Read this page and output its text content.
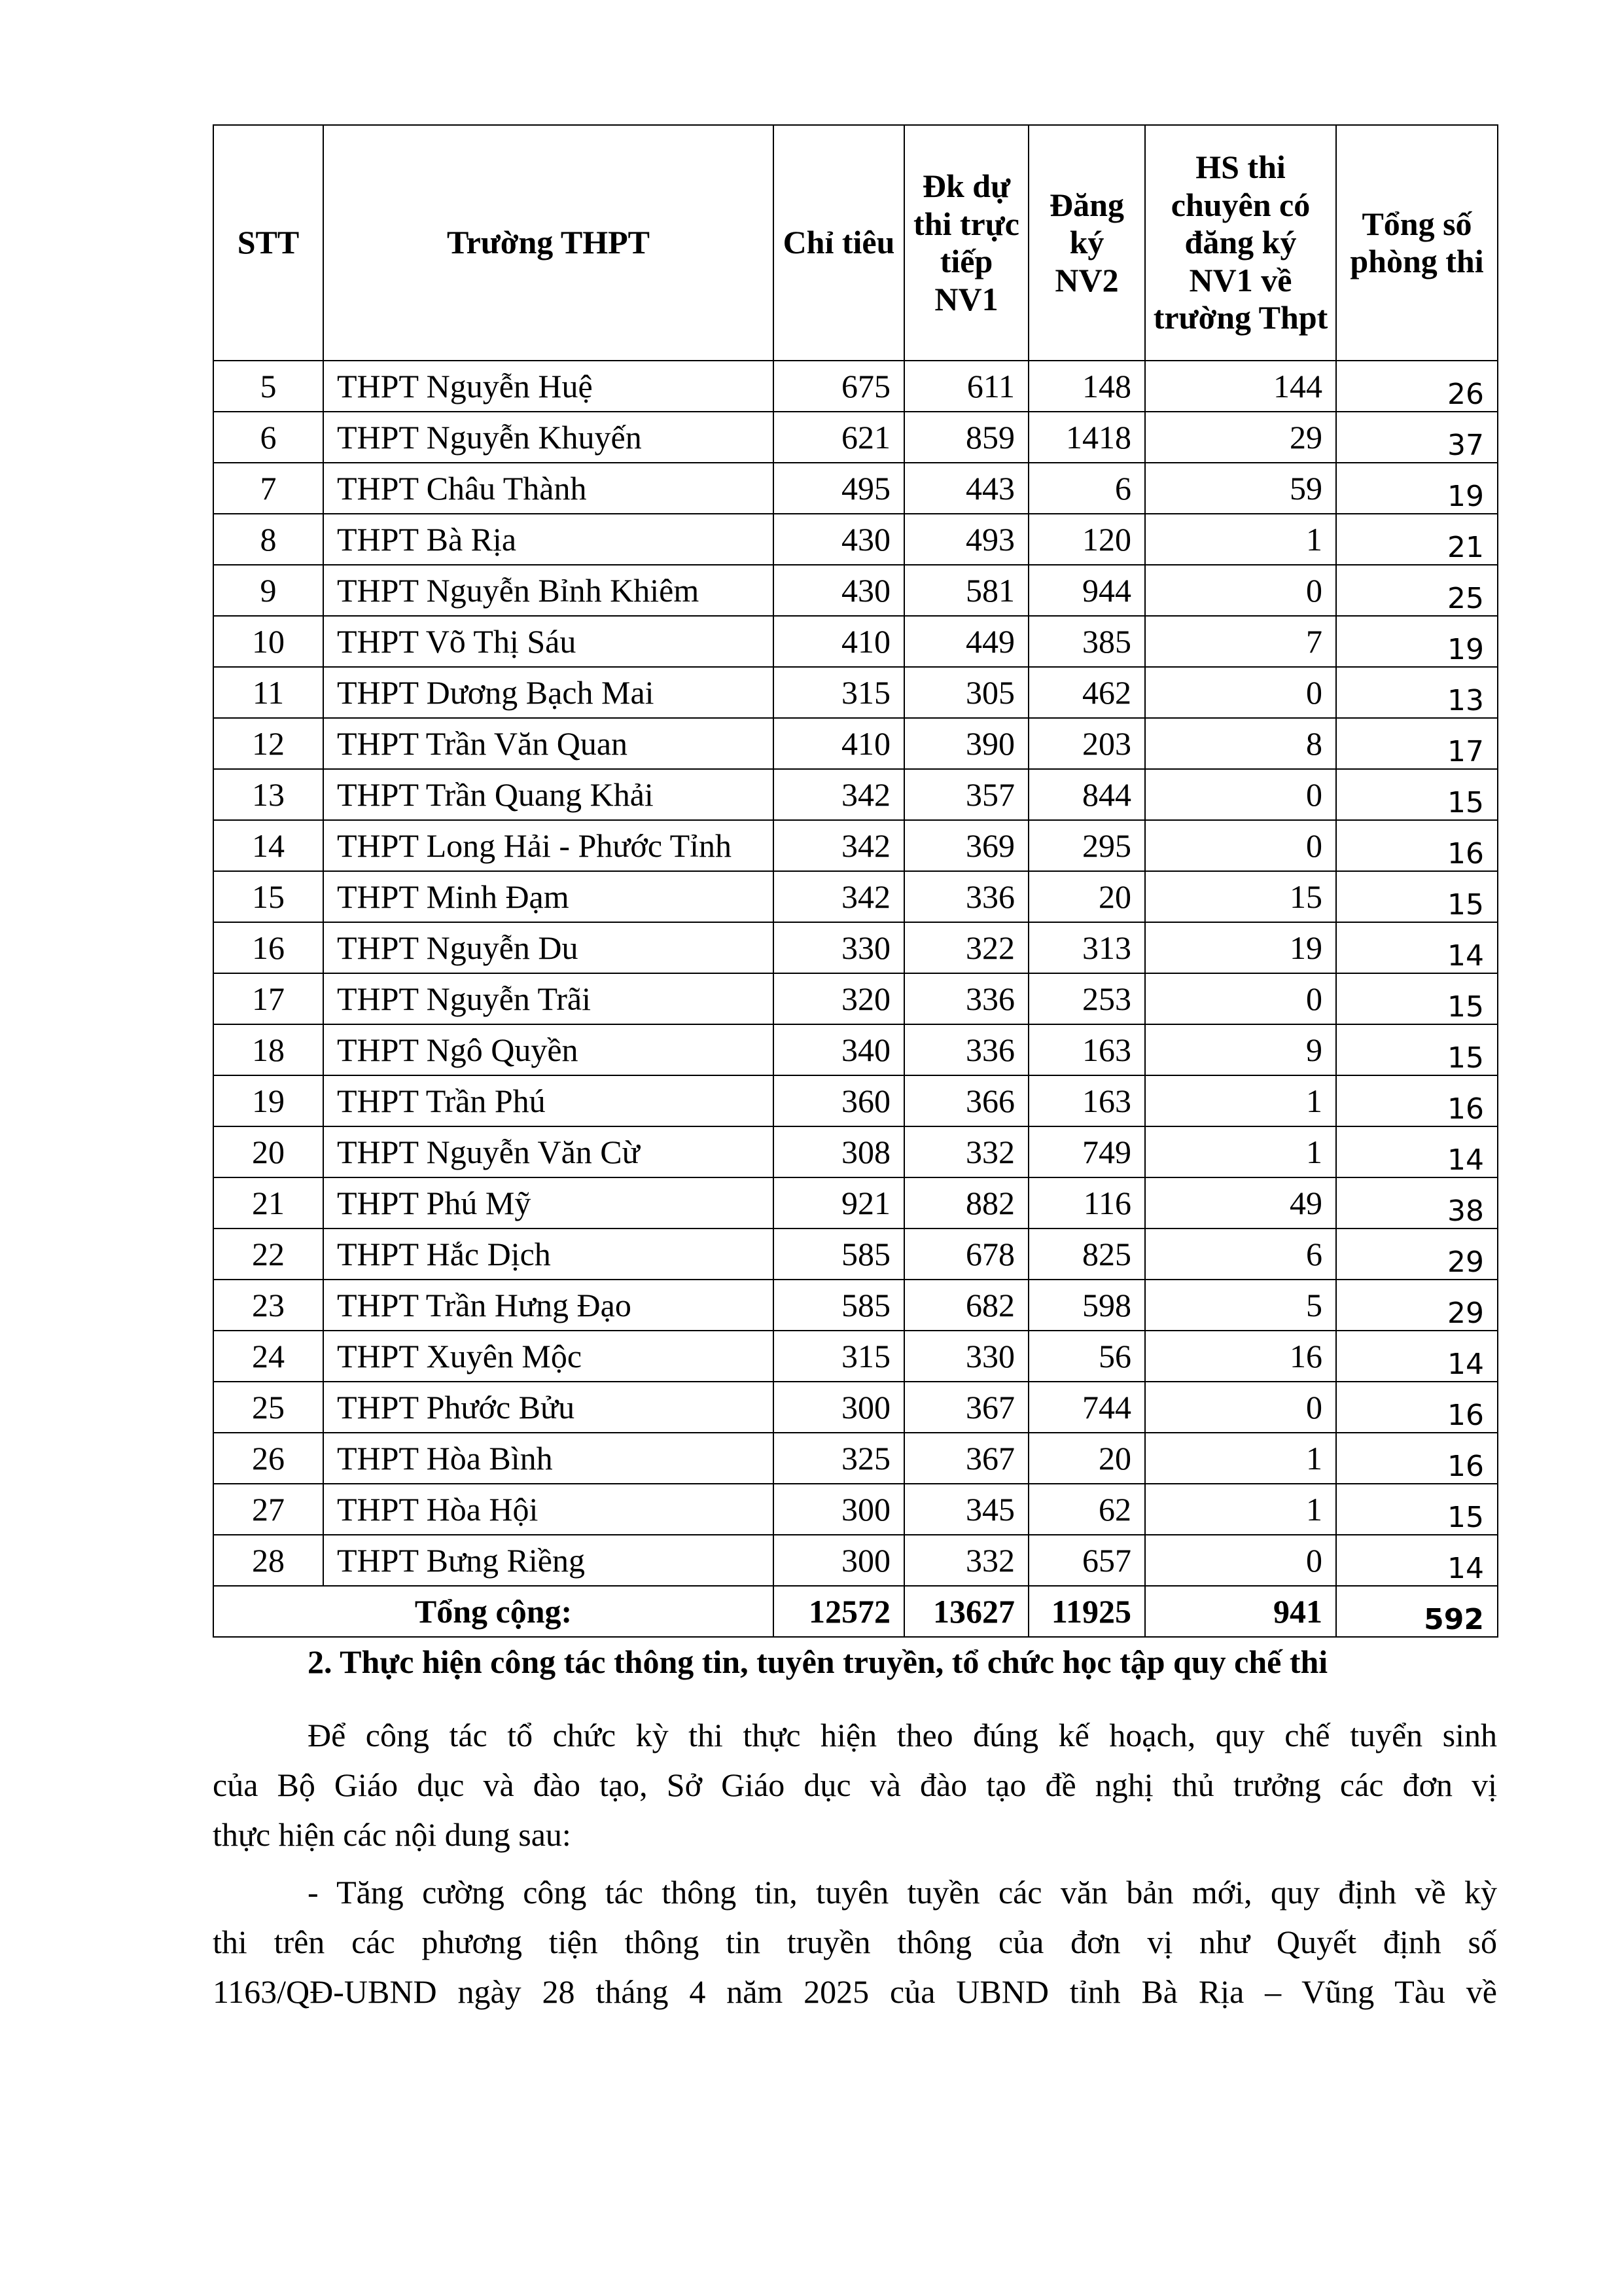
STT	Trường THPT	Chỉ tiêu	Đk dự thi trực tiếp NV1	Đăng ký NV2	HS thi chuyên có đăng ký NV1 về trường Thpt	Tổng số phòng thi
5	THPT Nguyễn Huệ	675	611	148	144	26
6	THPT Nguyễn Khuyến	621	859	1418	29	37
7	THPT Châu Thành	495	443	6	59	19
8	THPT Bà Rịa	430	493	120	1	21
9	THPT Nguyễn Bỉnh Khiêm	430	581	944	0	25
10	THPT Võ Thị Sáu	410	449	385	7	19
11	THPT Dương Bạch Mai	315	305	462	0	13
12	THPT Trần Văn Quan	410	390	203	8	17
13	THPT Trần Quang Khải	342	357	844	0	15
14	THPT Long Hải - Phước Tỉnh	342	369	295	0	16
15	THPT Minh Đạm	342	336	20	15	15
16	THPT Nguyễn Du	330	322	313	19	14
17	THPT Nguyễn Trãi	320	336	253	0	15
18	THPT Ngô Quyền	340	336	163	9	15
19	THPT Trần Phú	360	366	163	1	16
20	THPT Nguyễn Văn Cừ	308	332	749	1	14
21	THPT Phú Mỹ	921	882	116	49	38
22	THPT Hắc Dịch	585	678	825	6	29
23	THPT Trần Hưng Đạo	585	682	598	5	29
24	THPT Xuyên Mộc	315	330	56	16	14
25	THPT Phước Bửu	300	367	744	0	16
26	THPT Hòa Bình	325	367	20	1	16
27	THPT Hòa Hội	300	345	62	1	15
28	THPT Bưng Riềng	300	332	657	0	14
Tổng cộng:		12572	13627	11925	941	592
2. Thực hiện công tác thông tin, tuyên truyền, tổ chức học tập quy chế thi
Để công tác tổ chức kỳ thi thực hiện theo đúng kế hoạch, quy chế tuyển sinh
của Bộ Giáo dục và đào tạo, Sở Giáo dục và đào tạo đề nghị thủ trưởng các đơn vị
thực hiện các nội dung sau:
- Tăng cường công tác thông tin, tuyên tuyền các văn bản mới, quy định về kỳ
thi trên các phương tiện thông tin truyền thông của đơn vị như Quyết định số
1163/QĐ-UBND ngày 28 tháng 4 năm 2025 của UBND tỉnh Bà Rịa – Vũng Tàu về
